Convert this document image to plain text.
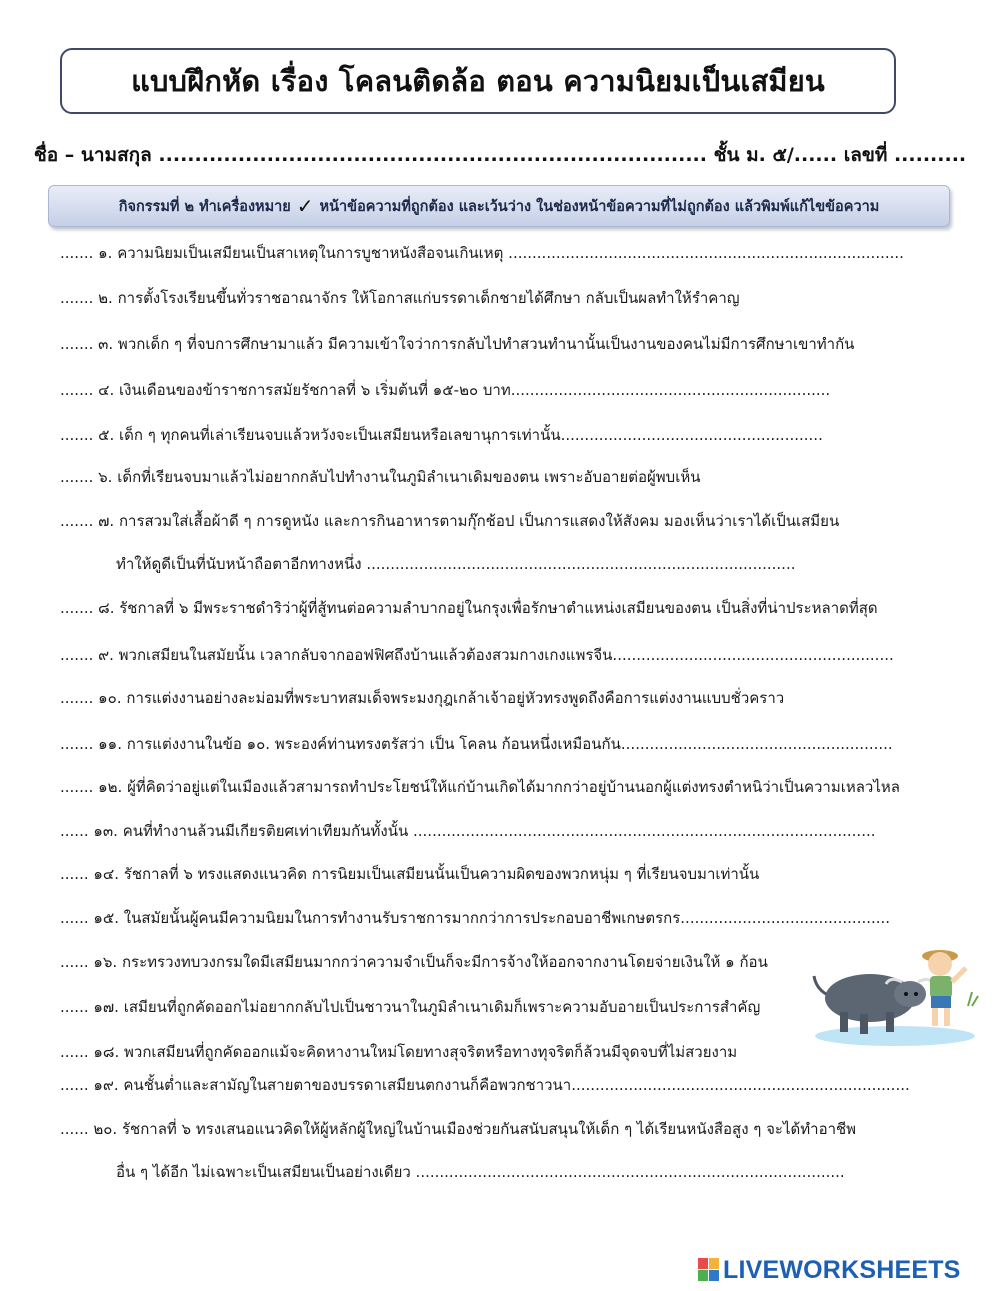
แบบฝึกหัด เรื่อง โคลนติดล้อ ตอน ความนิยมเป็นเสมียน
ชื่อ – นามสกุล ............................................................................ ชั้น ม. ๕/...... เลขที่ ..........
กิจกรรมที่ ๒ ทำเครื่องหมาย ✓ หน้าข้อความที่ถูกต้อง และเว้นว่าง ในช่องหน้าข้อความที่ไม่ถูกต้อง แล้วพิมพ์แก้ไขข้อความ
....... ๑. ความนิยมเป็นเสมียนเป็นสาเหตุในการบูชาหนังสือจนเกินเหตุ ...................................................................................
....... ๒. การตั้งโรงเรียนขึ้นทั่วราชอาณาจักร ให้โอกาสแก่บรรดาเด็กชายได้ศึกษา กลับเป็นผลทำให้รำคาญ
....... ๓. พวกเด็ก ๆ ที่จบการศึกษามาแล้ว มีความเข้าใจว่าการกลับไปทำสวนทำนานั้นเป็นงานของคนไม่มีการศึกษาเขาทำกัน
....... ๔. เงินเดือนของข้าราชการสมัยรัชกาลที่ ๖ เริ่มต้นที่ ๑๕-๒๐ บาท...................................................................
....... ๕. เด็ก ๆ ทุกคนที่เล่าเรียนจบแล้วหวังจะเป็นเสมียนหรือเลขานุการเท่านั้น.......................................................
....... ๖. เด็กที่เรียนจบมาแล้วไม่อยากกลับไปทำงานในภูมิลำเนาเดิมของตน เพราะอับอายต่อผู้พบเห็น
....... ๗. การสวมใส่เสื้อผ้าดี ๆ การดูหนัง และการกินอาหารตามกุ๊กช้อป เป็นการแสดงให้สังคม มองเห็นว่าเราได้เป็นเสมียน
ทำให้ดูดีเป็นที่นับหน้าถือตาอีกทางหนึ่ง ..........................................................................................
....... ๘. รัชกาลที่ ๖ มีพระราชดำริว่าผู้ที่สู้ทนต่อความลำบากอยู่ในกรุงเพื่อรักษาตำแหน่งเสมียนของตน เป็นสิ่งที่น่าประหลาดที่สุด
....... ๙. พวกเสมียนในสมัยนั้น เวลากลับจากออฟฟิศถึงบ้านแล้วต้องสวมกางเกงแพรจีน...........................................................
....... ๑๐. การแต่งงานอย่างละม่อมที่พระบาทสมเด็จพระมงกุฎเกล้าเจ้าอยู่หัวทรงพูดถึงคือการแต่งงานแบบชั่วคราว
....... ๑๑. การแต่งงานในข้อ ๑๐. พระองค์ท่านทรงตรัสว่า เป็น โคลน ก้อนหนึ่งเหมือนกัน.........................................................
....... ๑๒. ผู้ที่คิดว่าอยู่แต่ในเมืองแล้วสามารถทำประโยชน์ให้แก่บ้านเกิดได้มากกว่าอยู่บ้านนอกผู้แต่งทรงตำหนิว่าเป็นความเหลวไหล
...... ๑๓. คนที่ทำงานล้วนมีเกียรติยศเท่าเทียมกันทั้งนั้น .................................................................................................
...... ๑๔. รัชกาลที่ ๖ ทรงแสดงแนวคิด การนิยมเป็นเสมียนนั้นเป็นความผิดของพวกหนุ่ม ๆ ที่เรียนจบมาเท่านั้น
...... ๑๕. ในสมัยนั้นผู้คนมีความนิยมในการทำงานรับราชการมากกว่าการประกอบอาชีพเกษตรกร............................................
...... ๑๖. กระทรวงทบวงกรมใดมีเสมียนมากกว่าความจำเป็นก็จะมีการจ้างให้ออกจากงานโดยจ่ายเงินให้ ๑ ก้อน
...... ๑๗. เสมียนที่ถูกคัดออกไม่อยากกลับไปเป็นชาวนาในภูมิลำเนาเดิมก็เพราะความอับอายเป็นประการสำคัญ
...... ๑๘. พวกเสมียนที่ถูกคัดออกแม้จะคิดหางานใหม่โดยทางสุจริตหรือทางทุจริตก็ล้วนมีจุดจบที่ไม่สวยงาม
...... ๑๙. คนชั้นต่ำและสามัญในสายตาของบรรดาเสมียนตกงานก็คือพวกชาวนา.......................................................................
...... ๒๐. รัชกาลที่ ๖ ทรงเสนอแนวคิดให้ผู้หลักผู้ใหญ่ในบ้านเมืองช่วยกันสนับสนุนให้เด็ก ๆ ได้เรียนหนังสือสูง ๆ จะได้ทำอาชีพ
อื่น ๆ ได้อีก ไม่เฉพาะเป็นเสมียนเป็นอย่างเดียว ..........................................................................................
LIVEWORKSHEETS
